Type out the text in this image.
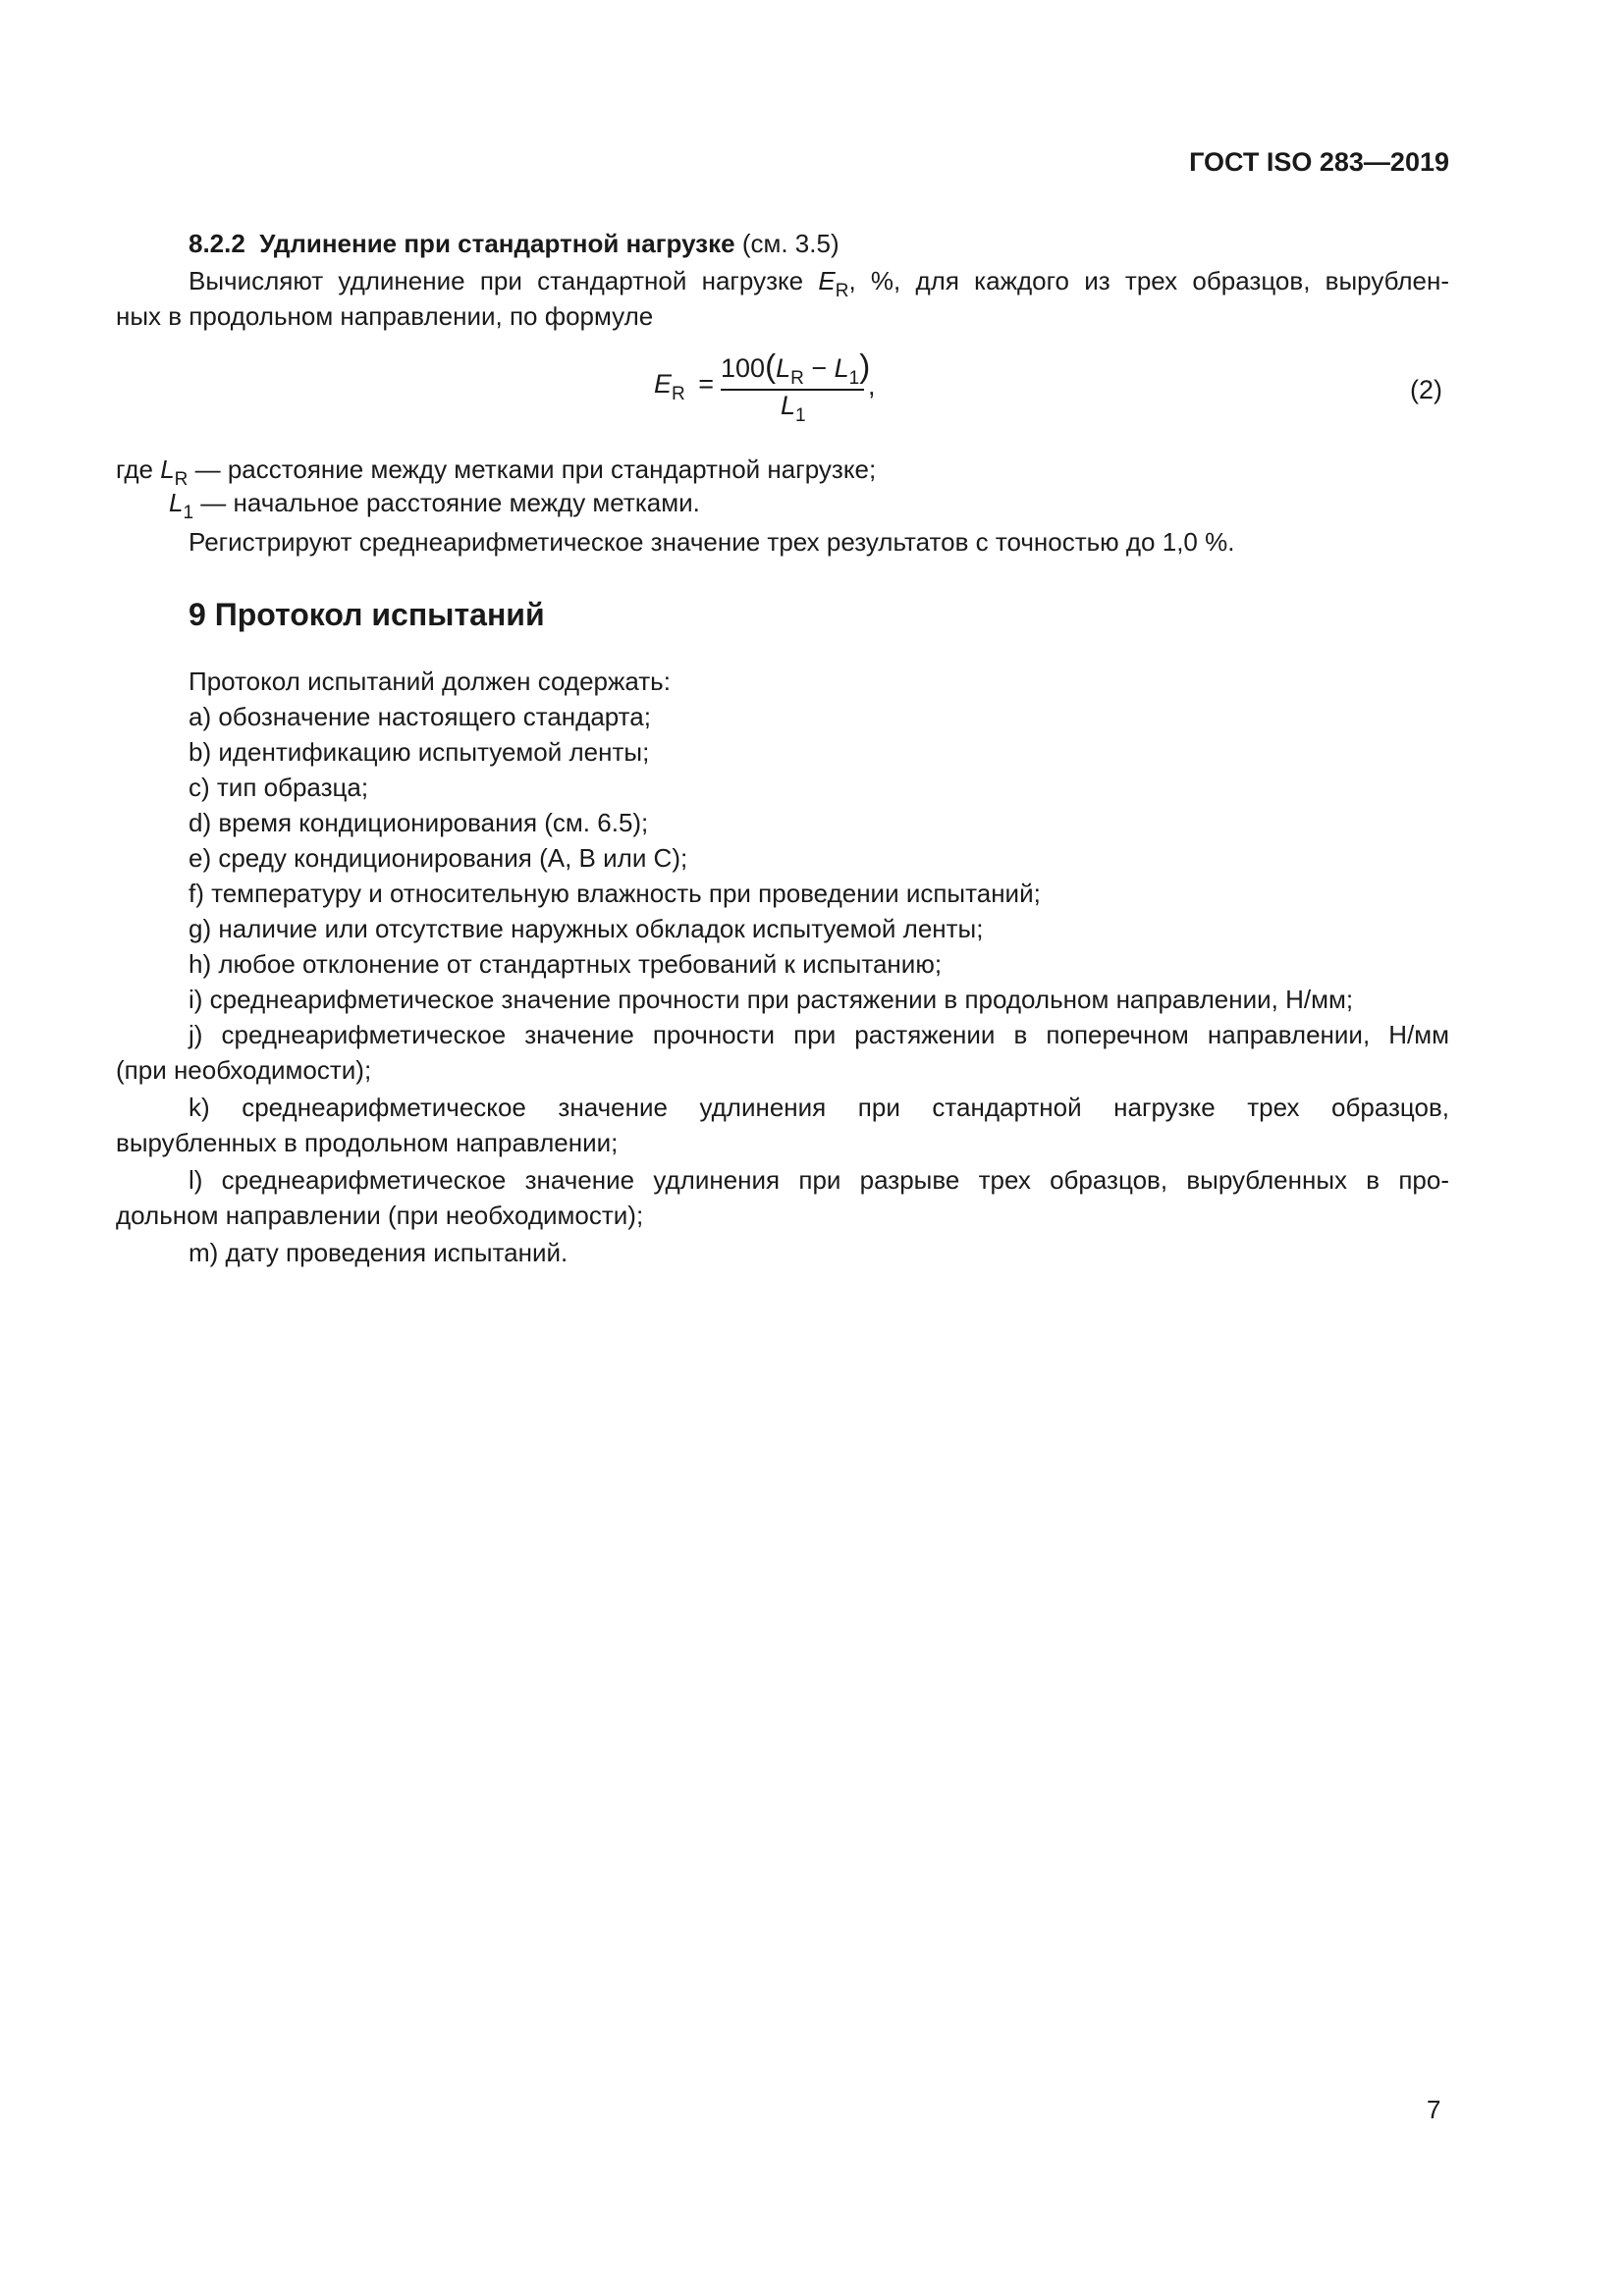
ГОСТ ISO 283—2019
8.2.2 Удлинение при стандартной нагрузке (см. 3.5)
Вычисляют удлинение при стандартной нагрузке $E_R$, %, для каждого из трех образцов, вырублен-
ных в продольном направлении, по формуле
$E_R$ =
$100(L_R - L_1)$
$L_1$
,	(2)
где $L_R$ — расстояние между метками при стандартной нагрузке;
$L_1$ — начальное расстояние между метками.
Регистрируют среднеарифметическое значение трех результатов с точностью до 1,0 %.
9 Протокол испытаний
Протокол испытаний должен содержать:
a) обозначение настоящего стандарта;
b) идентификацию испытуемой ленты;
c) тип образца;
d) время кондиционирования (см. 6.5);
e) среду кондиционирования (A, B или C);
f) температуру и относительную влажность при проведении испытаний;
g) наличие или отсутствие наружных обкладок испытуемой ленты;
h) любое отклонение от стандартных требований к испытанию;
i) среднеарифметическое значение прочности при растяжении в продольном направлении, Н/мм;
j) среднеарифметическое значение прочности при растяжении в поперечном направлении, Н/мм
(при необходимости);
k) среднеарифметическое значение удлинения при стандартной нагрузке трех образцов,
вырубленных в продольном направлении;
l) среднеарифметическое значение удлинения при разрыве трех образцов, вырубленных в про-
дольном направлении (при необходимости);
m) дату проведения испытаний.
7
